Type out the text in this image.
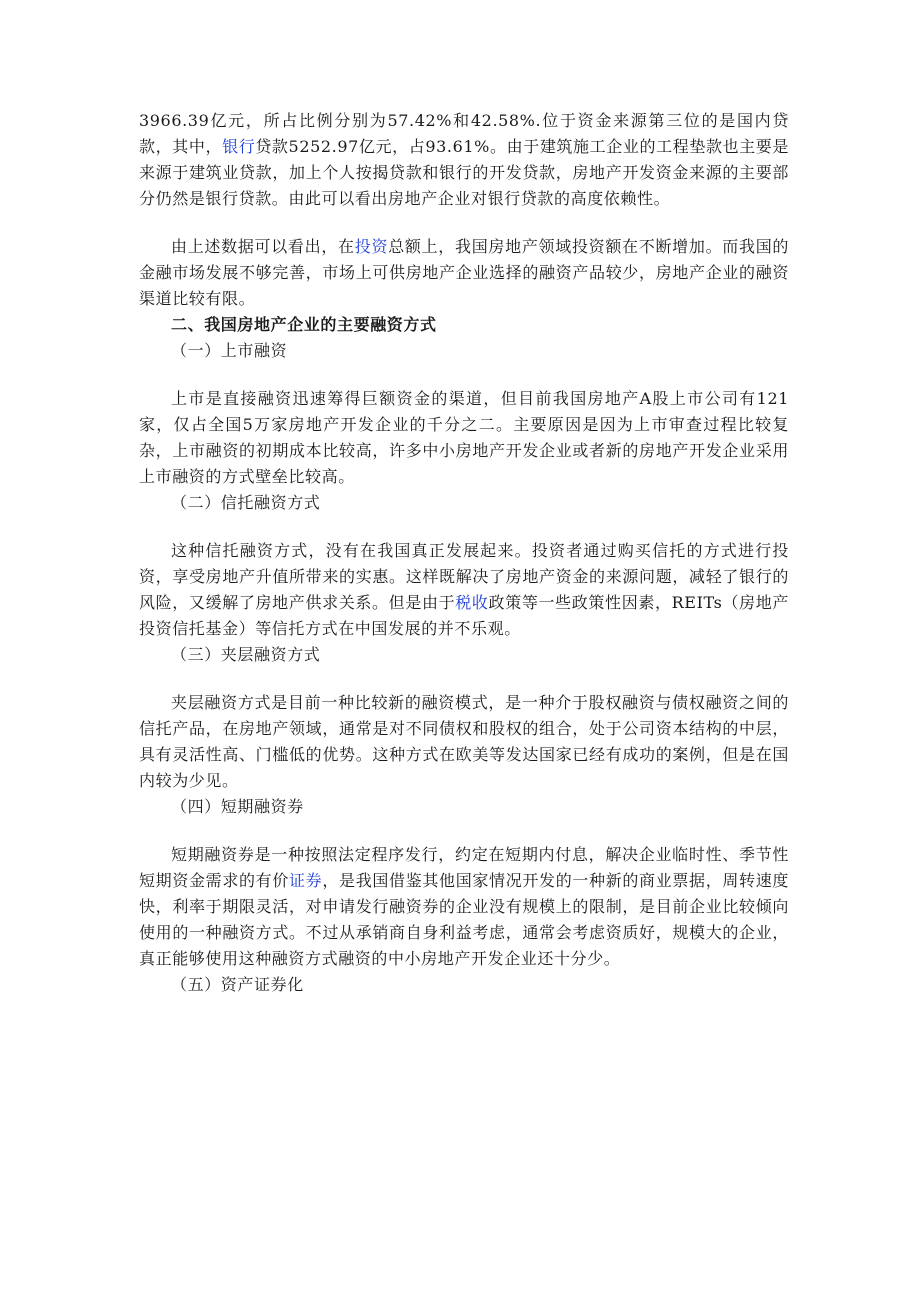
3966.39亿元，所占比例分别为57.42%和42.58%.位于资金来源第三位的是国内贷款，其中，银行贷款5252.97亿元，占93.61%。由于建筑施工企业的工程垫款也主要是来源于建筑业贷款，加上个人按揭贷款和银行的开发贷款，房地产开发资金来源的主要部分仍然是银行贷款。由此可以看出房地产企业对银行贷款的高度依赖性。

由上述数据可以看出，在投资总额上，我国房地产领域投资额在不断增加。而我国的金融市场发展不够完善，市场上可供房地产企业选择的融资产品较少，房地产企业的融资渠道比较有限。

二、我国房地产企业的主要融资方式

（一）上市融资

上市是直接融资迅速筹得巨额资金的渠道，但目前我国房地产A股上市公司有121家，仅占全国5万家房地产开发企业的千分之二。主要原因是因为上市审查过程比较复杂，上市融资的初期成本比较高，许多中小房地产开发企业或者新的房地产开发企业采用上市融资的方式壁垒比较高。

（二）信托融资方式

这种信托融资方式，没有在我国真正发展起来。投资者通过购买信托的方式进行投资，享受房地产升值所带来的实惠。这样既解决了房地产资金的来源问题，减轻了银行的风险，又缓解了房地产供求关系。但是由于税收政策等一些政策性因素，REITs（房地产投资信托基金）等信托方式在中国发展的并不乐观。

（三）夹层融资方式

夹层融资方式是目前一种比较新的融资模式，是一种介于股权融资与债权融资之间的信托产品，在房地产领域，通常是对不同债权和股权的组合，处于公司资本结构的中层，具有灵活性高、门槛低的优势。这种方式在欧美等发达国家已经有成功的案例，但是在国内较为少见。

（四）短期融资券

短期融资券是一种按照法定程序发行，约定在短期内付息，解决企业临时性、季节性短期资金需求的有价证券，是我国借鉴其他国家情况开发的一种新的商业票据，周转速度快，利率于期限灵活，对申请发行融资券的企业没有规模上的限制，是目前企业比较倾向使用的一种融资方式。不过从承销商自身利益考虑，通常会考虑资质好，规模大的企业，真正能够使用这种融资方式融资的中小房地产开发企业还十分少。

（五）资产证券化
